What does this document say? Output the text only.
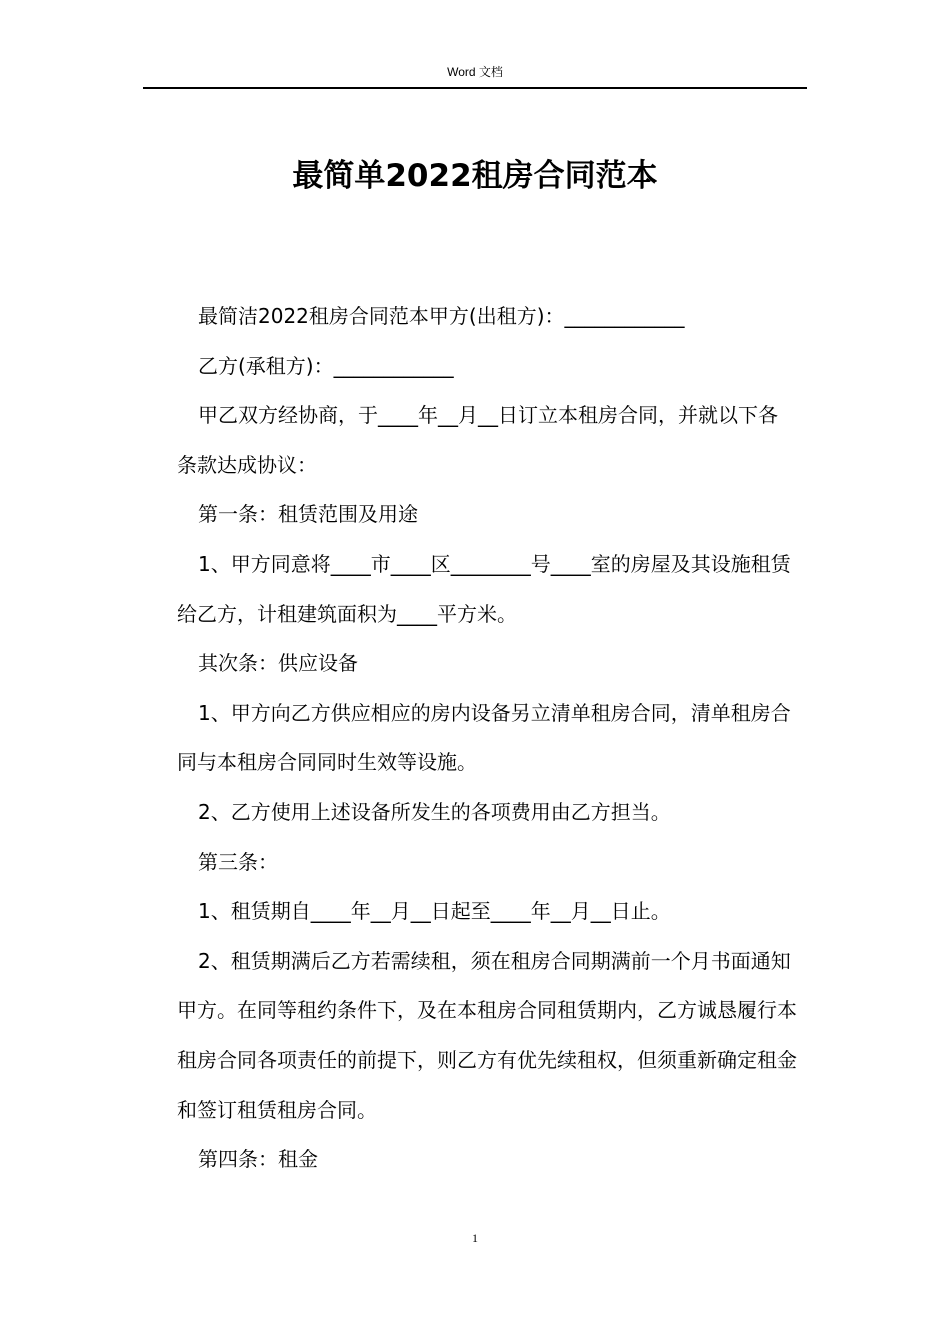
Word 文档
最简单2022租房合同范本

最简洁2022租房合同范本甲方(出租方)：____________

乙方(承租方)：____________

甲乙双方经协商，于____年__月__日订立本租房合同，并就以下各条款达成协议：

第一条：租赁范围及用途

1、甲方同意将____市____区________号____室的房屋及其设施租赁给乙方，计租建筑面积为____平方米。

其次条：供应设备

1、甲方向乙方供应相应的房内设备另立清单租房合同，清单租房合同与本租房合同同时生效等设施。

2、乙方使用上述设备所发生的各项费用由乙方担当。

第三条：

1、租赁期自____年__月__日起至____年__月__日止。

2、租赁期满后乙方若需续租，须在租房合同期满前一个月书面通知甲方。在同等租约条件下，及在本租房合同租赁期内，乙方诚恳履行本租房合同各项责任的前提下，则乙方有优先续租权，但须重新确定租金和签订租赁租房合同。

第四条：租金

1
